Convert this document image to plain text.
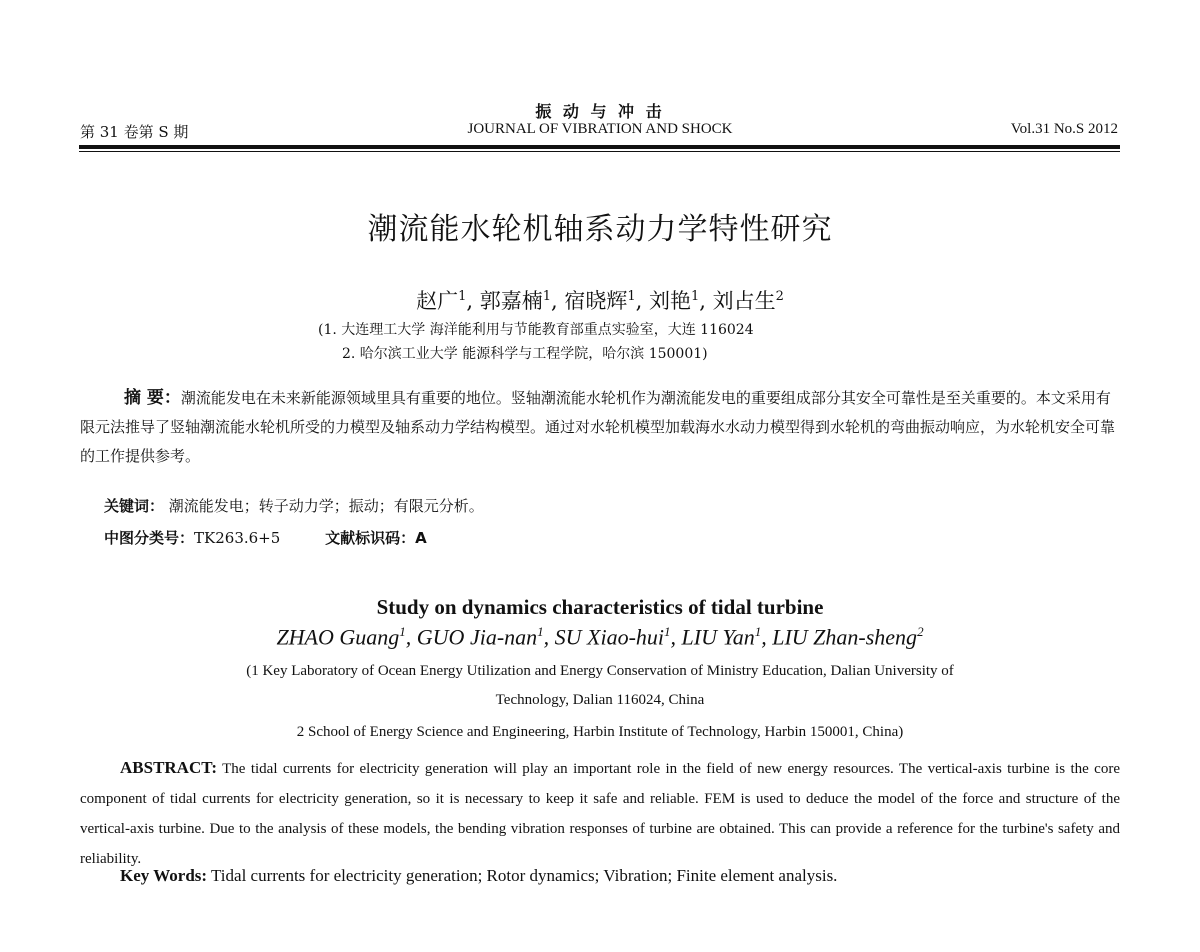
第 31 卷第 S 期
振 动 与 冲 击
JOURNAL OF VIBRATION AND SHOCK	Vol.31 No.S 2012
潮流能水轮机轴系动力学特性研究
赵广$^1$, 郭嘉楠$^1$, 宿晓辉$^1$, 刘艳$^1$, 刘占生$^2$
(1. 大连理工大学 海洋能利用与节能教育部重点实验室，大连 116024
2. 哈尔滨工业大学 能源科学与工程学院，哈尔滨 150001)
摘 要：潮流能发电在未来新能源领域里具有重要的地位。竖轴潮流能水轮机作为潮流能发电的重要组成部分其安全可靠性是至关重要的。本文采用有限元法推导了竖轴潮流能水轮机所受的力模型及轴系动力学结构模型。通过对水轮机模型加载海水水动力模型得到水轮机的弯曲振动响应，为水轮机安全可靠的工作提供参考。
关键词： 潮流能发电；转子动力学；振动；有限元分析。
中图分类号：TK263.6+5	文献标识码：A
Study on dynamics characteristics of tidal turbine
ZHAO Guang$^1$, GUO Jia-nan$^1$, SU Xiao-hui$^1$, LIU Yan$^1$, LIU Zhan-sheng$^2$
(1 Key Laboratory of Ocean Energy Utilization and Energy Conservation of Ministry Education, Dalian University of
Technology, Dalian 116024, China
2 School of Energy Science and Engineering, Harbin Institute of Technology, Harbin 150001, China)
ABSTRACT: The tidal currents for electricity generation will play an important role in the field of new energy resources. The vertical-axis turbine is the core component of tidal currents for electricity generation, so it is necessary to keep it safe and reliable. FEM is used to deduce the model of the force and structure of the vertical-axis turbine. Due to the analysis of these models, the bending vibration responses of turbine are obtained. This can provide a reference for the turbine's safety and reliability.
Key Words: Tidal currents for electricity generation; Rotor dynamics; Vibration; Finite element analysis.
